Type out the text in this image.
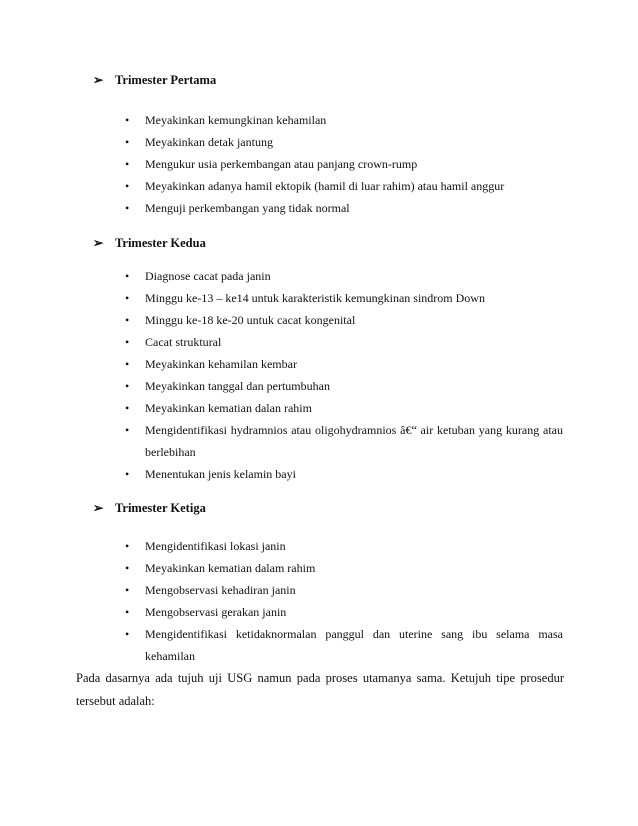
➢ Trimester Pertama
• Meyakinkan kemungkinan kehamilan
• Meyakinkan detak jantung
• Mengukur usia perkembangan atau panjang crown-rump
• Meyakinkan adanya hamil ektopik (hamil di luar rahim) atau hamil anggur
• Menguji perkembangan yang tidak normal
➢ Trimester Kedua
• Diagnose cacat pada janin
• Minggu ke-13 – ke14 untuk karakteristik kemungkinan sindrom Down
• Minggu ke-18 ke-20 untuk cacat kongenital
• Cacat struktural
• Meyakinkan kehamilan kembar
• Meyakinkan tanggal dan pertumbuhan
• Meyakinkan kematian dalan rahim
• Mengidentifikasi hydramnios atau oligohydramnios â€“ air ketuban yang kurang atau berlebihan
• Menentukan jenis kelamin bayi
➢ Trimester Ketiga
• Mengidentifikasi lokasi janin
• Meyakinkan kematian dalam rahim
• Mengobservasi kehadiran janin
• Mengobservasi gerakan janin
• Mengidentifikasi ketidaknormalan panggul dan uterine sang ibu selama masa kehamilan

Pada dasarnya ada tujuh uji USG namun pada proses utamanya sama. Ketujuh tipe prosedur tersebut adalah:
